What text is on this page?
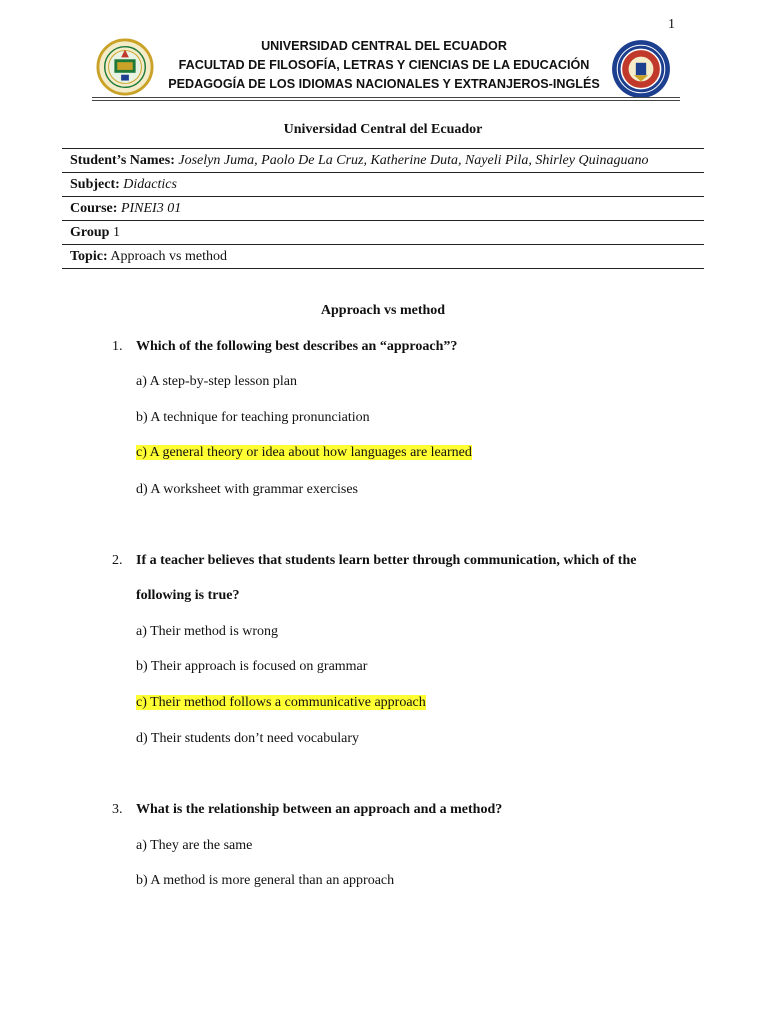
1
UNIVERSIDAD CENTRAL DEL ECUADOR
FACULTAD DE FILOSOFÍA, LETRAS Y CIENCIAS DE LA EDUCACIÓN
PEDAGOGÍA DE LOS IDIOMAS NACIONALES Y EXTRANJEROS-INGLÉS
Universidad Central del Ecuador
Student’s Names: Joselyn Juma, Paolo De La Cruz, Katherine Duta, Nayeli Pila, Shirley Quinaguano
Subject: Didactics
Course: PINEI3 01
Group 1
Topic: Approach vs method
Approach vs method
1. Which of the following best describes an “approach”?
a) A step-by-step lesson plan
b) A technique for teaching pronunciation
c) A general theory or idea about how languages are learned
d) A worksheet with grammar exercises
2. If a teacher believes that students learn better through communication, which of the
following is true?
a) Their method is wrong
b) Their approach is focused on grammar
c) Their method follows a communicative approach
d) Their students don’t need vocabulary
3. What is the relationship between an approach and a method?
a) They are the same
b) A method is more general than an approach
